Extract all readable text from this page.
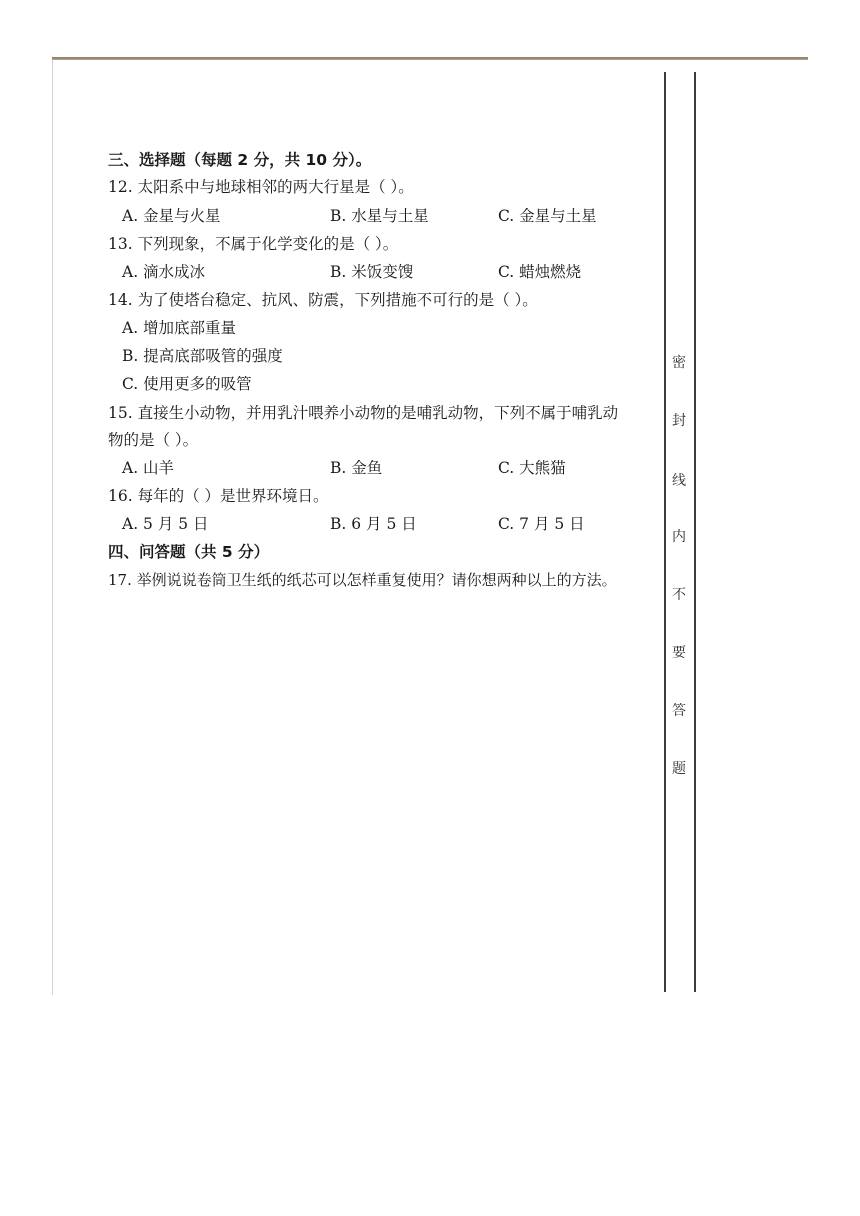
密
封
线
内
不
要
答
题
三、选择题（每题 2 分，共 10 分）。
12. 太阳系中与地球相邻的两大行星是（ ）。
A. 金星与火星	B. 水星与土星	C. 金星与土星
13. 下列现象，不属于化学变化的是（ ）。
A. 滴水成冰	B. 米饭变馊	C. 蜡烛燃烧
14. 为了使塔台稳定、抗风、防震，下列措施不可行的是（ ）。
A. 增加底部重量
B. 提高底部吸管的强度
C. 使用更多的吸管
15. 直接生小动物，并用乳汁喂养小动物的是哺乳动物，下列不属于哺乳动
物的是（ ）。
A. 山羊	B. 金鱼	C. 大熊猫
16. 每年的（ ）是世界环境日。
A. 5 月 5 日	B. 6 月 5 日	C. 7 月 5 日
四、问答题（共 5 分）
17. 举例说说卷筒卫生纸的纸芯可以怎样重复使用？请你想两种以上的方法。
